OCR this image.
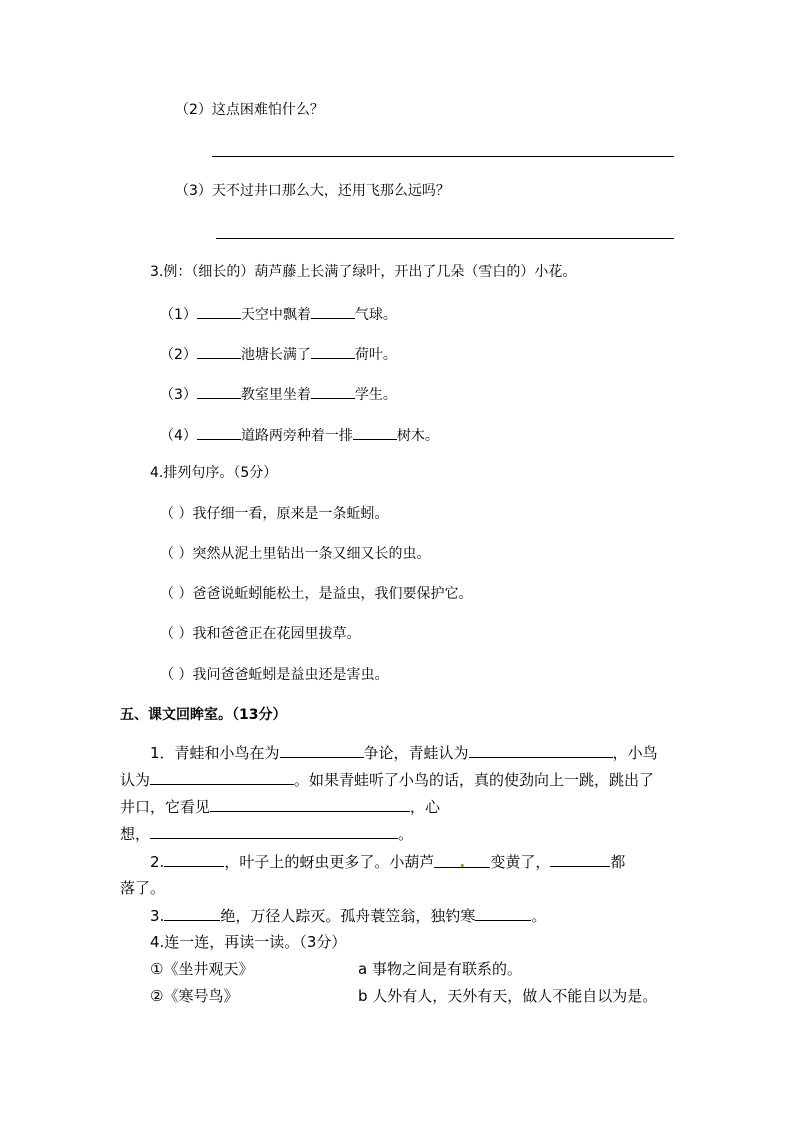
（2）这点困难怕什么？
（3）天不过井口那么大，还用飞那么远吗？
3.例：（细长的）葫芦藤上长满了绿叶，开出了几朵（雪白的）小花。
（1）	天空中飘着	气球。
（2）	池塘长满了	荷叶。
（3）	教室里坐着	学生。
（4）	道路两旁种着一排	树木。
4.排列句序。（5分）
（ ）我仔细一看，原来是一条蚯蚓。
（ ）突然从泥土里钻出一条又细又长的虫。
（ ）爸爸说蚯蚓能松土，是益虫，我们要保护它。
（ ）我和爸爸正在花园里拔草。
（ ）我问爸爸蚯蚓是益虫还是害虫。
五、课文回眸室。（13分）
1．青蛙和小鸟在为	争论，青蛙认为	，小鸟
认为	。如果青蛙听了小鸟的话，真的使劲向上一跳，跳出了
井口，它看见	，心
想，	。
2.	，叶子上的蚜虫更多了。小葫芦 . 变黄了，	都
落了。
3.	绝，万径人踪灭。孤舟蓑笠翁，独钓寒	。
4.连一连，再读一读。（3分）
①《坐井观天》	a 事物之间是有联系的。
②《寒号鸟》	b 人外有人，天外有天，做人不能自以为是。
